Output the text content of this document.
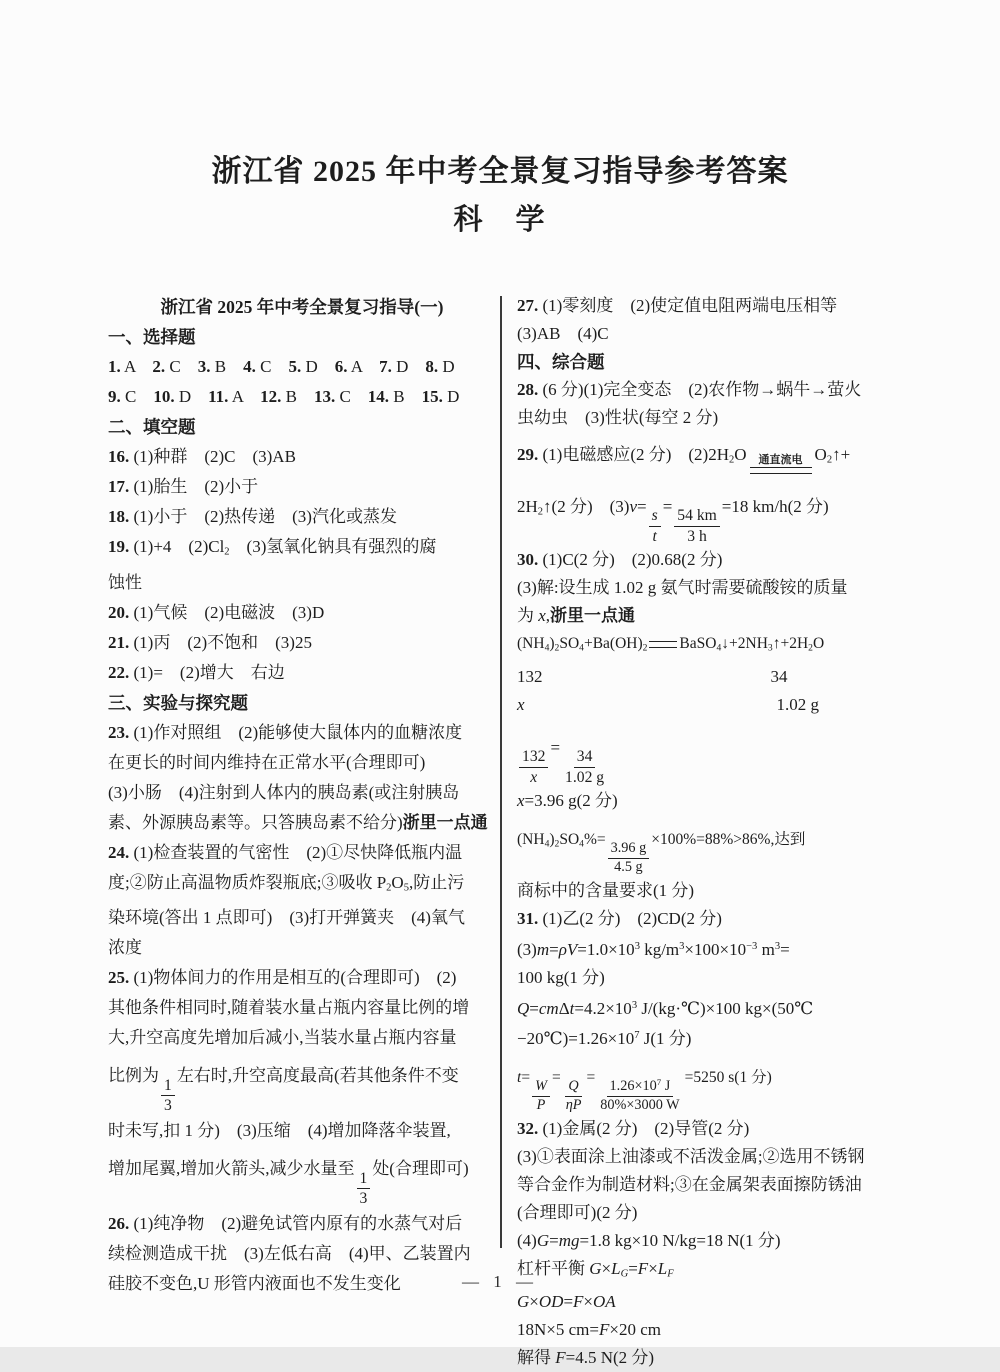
浙江省 2025 年中考全景复习指导参考答案
科　学
浙江省 2025 年中考全景复习指导(一)
一、选择题
1. A　2. C　3. B　4. C　5. D　6. A　7. D　8. D
9. C　10. D　11. A　12. B　13. C　14. B　15. D
二、填空题
16. (1)种群　(2)C　(3)AB
17. (1)胎生　(2)小于
18. (1)小于　(2)热传递　(3)汽化或蒸发
19. (1)+4　$(2)Cl_2$　(3)氢氧化钠具有强烈的腐
蚀性
20. (1)气候　(2)电磁波　(3)D
21. (1)丙　(2)不饱和　(3)25
22. (1)=　(2)增大　右边
三、实验与探究题
23. (1)作对照组　(2)能够使大鼠体内的血糖浓度
在更长的时间内维持在正常水平(合理即可)
(3)小肠　(4)注射到人体内的胰岛素(或注射胰岛
素、外源胰岛素等。只答胰岛素不给分)浙里一点通
24. (1)检查装置的气密性　(2)①尽快降低瓶内温
度;②防止高温物质炸裂瓶底;③吸收 $P_2O_5$,防止污
染环境(答出 1 点即可)　(3)打开弹簧夹　(4)氧气
浓度
25. (1)物体间力的作用是相互的(合理即可)　(2)
其他条件相同时,随着装水量占瓶内容量比例的增
大,升空高度先增加后减小,当装水量占瓶内容量
比例为
$\frac{1}{3}$
左右时,升空高度最高(若其他条件不变
时未写,扣 1 分)　(3)压缩　(4)增加降落伞装置,
增加尾翼,增加火箭头,减少水量至
$\frac{1}{3}$
处(合理即可)
26. (1)纯净物　(2)避免试管内原有的水蒸气对后
续检测造成干扰　(3)左低右高　(4)甲、乙装置内
硅胶不变色,U 形管内液面也不发生变化
27. (1)零刻度　(2)使定值电阻两端电压相等
(3)AB　(4)C
四、综合题
28. (6 分)(1)完全变态　(2)农作物→蜗牛→萤火
虫幼虫　(3)性状(每空 2 分)
29. (1)电磁感应(2 分)　$(2)2H_2O$ 通直流电 $O_2↑+$
$2H_2↑(2$ 分)　(3)v=
$\frac{s}{t}$
=
$\frac{54 km}{3 h}$
=18 km/h(2 分)
30. (1)C(2 分)　(2)0.68(2 分)
(3)解:设生成 1.02 g 氨气时需要硫酸铵的质量
为 x,浙里一点通
$(NH_4)_2SO_4+Ba(OH)_2$ $BaSO_4↓+2NH_3↑+2H_2O$
132	34
x	1.02 g
$\frac{132}{x}$
=
$\frac{34}{1.02 g}$
x=3.96 g(2 分)
$(NH_4)_2SO_4\%=$
$\frac{3.96 g}{4.5 g}$
×100%=88%>86%,达到
商标中的含量要求(1 分)
31. (1)乙(2 分)　(2)CD(2 分)
$(3)m=\rho V=1.0\times 10^3$ $kg/m^3\times 100\times 10^{-3}$ $m^3=$
100 kg(1 分)
$Q=cm\Delta t=4.2\times 10^3$ J/(kg·℃)×100 kg×(50℃
$-20℃)=1.26\times 10^7$ J(1 分)
t=
$\frac{W}{P}$
=
$\frac{Q}{\eta P}$
= $\frac{1.26\times 10^7 J}{80\%\times 3000 W} =5250$ s(1 分)
32. (1)金属(2 分)　(2)导管(2 分)
(3)①表面涂上油漆或不活泼金属;②选用不锈钢
等合金作为制造材料;③在金属架表面擦防锈油
(合理即可)(2 分)
(4)G=mg=1.8 kg×10 N/kg=18 N(1 分)
杠杆平衡 $G\times L_G=F\times L_F$
G×OD=F×OA
18N×5 cm=F×20 cm
解得 F=4.5 N(2 分)
— 1 —
